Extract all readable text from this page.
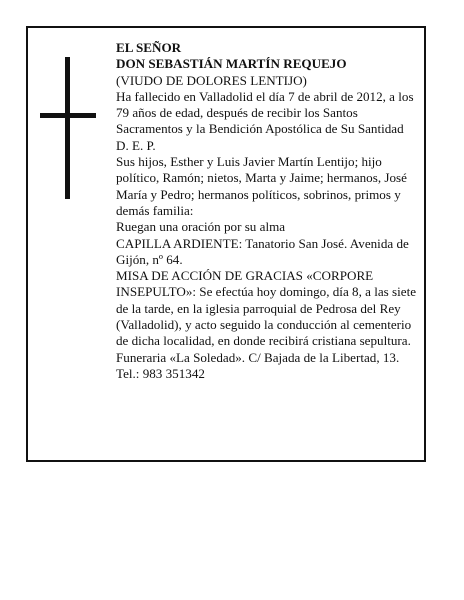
EL SEÑOR

DON SEBASTIÁN MARTÍN REQUEJO

(VIUDO DE DOLORES LENTIJO)

Ha fallecido en Valladolid el día 7 de abril de 2012, a los 79 años de edad, después de recibir los Santos Sacramentos y la Bendición Apostólica de Su Santidad

D. E. P.

Sus hijos, Esther y Luis Javier Martín Lentijo; hijo político, Ramón; nietos, Marta y Jaime; hermanos, José María y Pedro; hermanos políticos, sobrinos, primos y demás familia:

Ruegan una oración por su alma

CAPILLA ARDIENTE: Tanatorio San José. Avenida de Gijón, nº 64.

MISA DE ACCIÓN DE GRACIAS «CORPORE INSEPULTO»: Se efectúa hoy domingo, día 8, a las siete de la tarde, en la iglesia parroquial de Pedrosa del Rey (Valladolid), y acto seguido la conducción al cementerio de dicha localidad, en donde recibirá cristiana sepultura.

Funeraria «La Soledad». C/ Bajada de la Libertad, 13. Tel.: 983 351342
